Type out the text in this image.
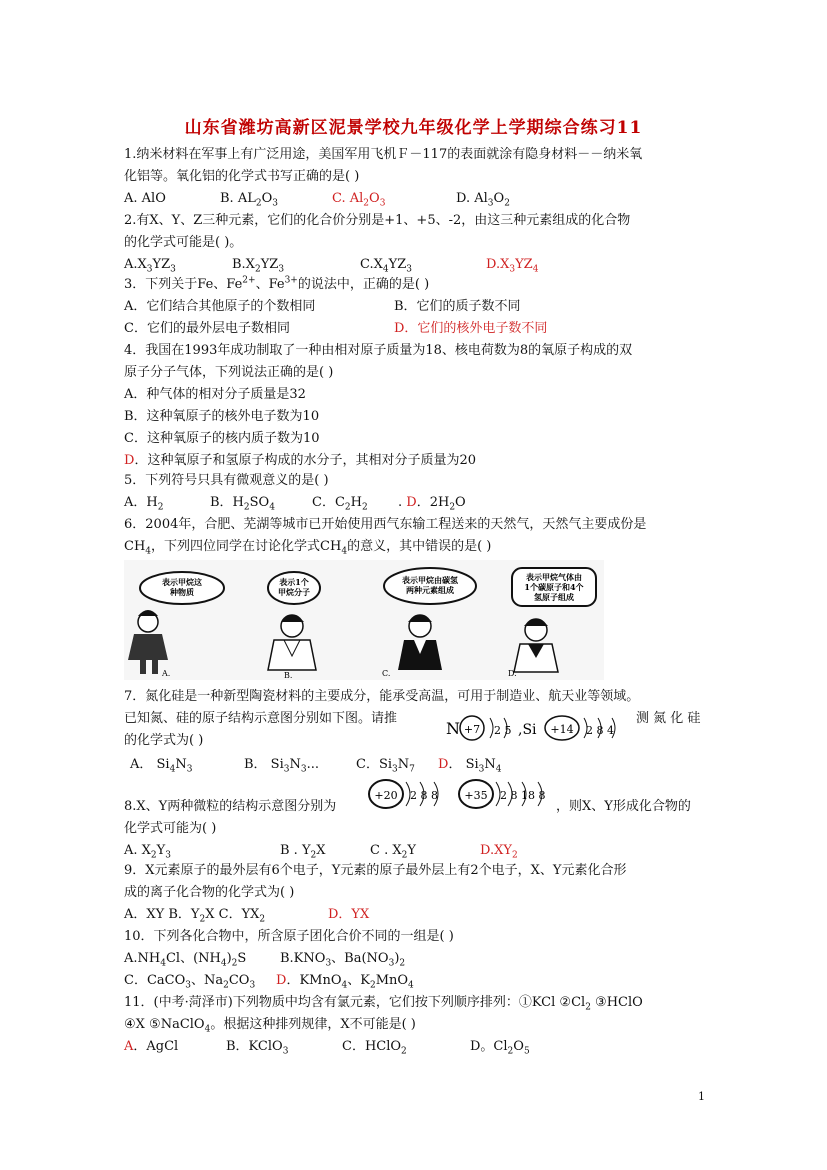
山东省潍坊高新区泥景学校九年级化学上学期综合练习11
1.纳米材料在军事上有广泛用途，美国军用飞机Ｆ－117的表面就涂有隐身材料－－纳米氧
化铝等。氧化铝的化学式书写正确的是( )
A. AlO	B. $AL_2O_3$	C. $Al_2O_3$	D. $Al_3O_2$
2.有X、Y、Z三种元素，它们的化合价分别是+1、+5、-2，由这三种元素组成的化合物
的化学式可能是( )。
$A.X_3YZ_3$	$B.X_2YZ_3$	$C.X_4YZ_3$	$D.X_3YZ_4$
3．下列关于Fe、$Fe^{2+}$、$Fe^{3+}$的说法中，正确的是( )
A．它们结合其他原子的个数相同	B．它们的质子数不同
C．它们的最外层电子数相同	D．它们的核外电子数不同
4．我国在1993年成功制取了一种由相对原子质量为18、核电荷数为8的氧原子构成的双
原子分子气体，下列说法正确的是( )
A．种气体的相对分子质量是32
B．这种氧原子的核外电子数为10
C．这种氧原子的核内质子数为10
D．这种氧原子和氢原子构成的水分子，其相对分子质量为20
5．下列符号只具有微观意义的是( )
A．$H_2$	B．$H_2SO_4$	C．$C_2H_2$ . D．$2H_2O$
6．2004年，合肥、芜湖等城市已开始使用西气东输工程送来的天然气，天然气主要成份是
$CH_4$，下列四位同学在讨论化学式$CH_4$的意义，其中错误的是( )
表示甲烷这
种物质
A.
表示1个
甲烷分子
B.
表示甲烷由碳氢
两种元素组成
C.
表示甲烷气体由
1个碳原子和4个
氢原子组成
D.
7．氮化硅是一种新型陶瓷材料的主要成分，能承受高温，可用于制造业、航天业等领域。
已知氮、硅的原子结构示意图分别如下图。请推
N +7 2 5 ,Si +14 2 8 4
测 氮 化 硅
的化学式为( )
A． $Si_4N_3$	B． $Si_3N_3$...	C．$Si_3N_7$ D． $Si_3N_4$
8.X、Y两种微粒的结构示意图分别为
+20 2 8 8 +35 2 8 18 8
，则X、Y形成化合物的
化学式可能为( )
A. $X_2Y_3$	B . $Y_2X$	C . $X_2Y$	$D.XY_2$
9．X元素原子的最外层有6个电子，Y元素的原子最外层上有2个电子，X、Y元素化合形
成的离子化合物的化学式为( )
A．XY B．$Y_2X$ C．$YX_2$	D．YX
10．下列各化合物中，所含原子团化合价不同的一组是( )
$A.NH_4Cl$、$(NH_4)_2S$	$B.KNO_3$、$Ba(NO_3)_2$
C．CaCO$_3$、$Na_2CO_3$ D．KMnO$_4$、$K_2MnO_4$
11．(中考·菏泽市)下列物质中均含有氯元素，它们按下列顺序排列：①KCl $②Cl_2$ ③HClO
④X ⑤NaClO$_4$。根据这种排列规律，X不可能是( )
A．AgCl	B．KClO$_3$	C．HClO$_2$	D。$Cl_2O_5$
1
